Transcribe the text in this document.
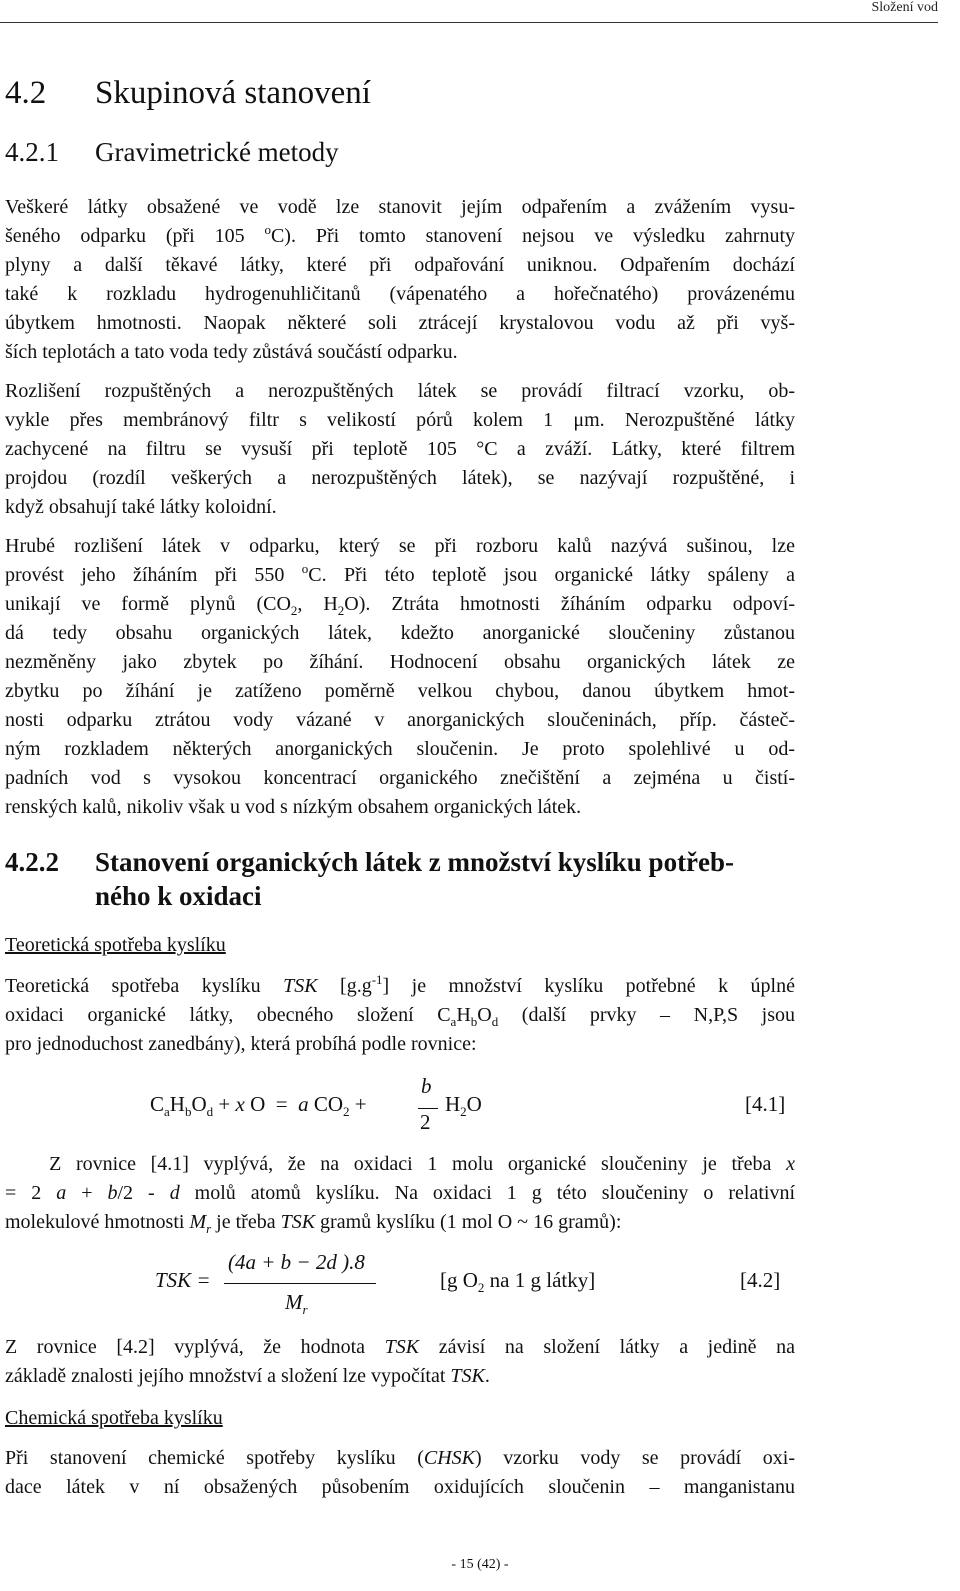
Složení vod
4.2 Skupinová stanovení
4.2.1 Gravimetrické metody
Veškeré látky obsažené ve vodě lze stanovit jejím odpařením a zvážením vysu-
šeného odparku (při 105 $^o$C). Při tomto stanovení nejsou ve výsledku zahrnuty
plyny a další těkavé látky, které při odpařování uniknou. Odpařením dochází
také k rozkladu hydrogenuhličitanů (vápenatého a hořečnatého) provázenému
úbytkem hmotnosti. Naopak některé soli ztrácejí krystalovou vodu až při vyš-
ších teplotách a tato voda tedy zůstává součástí odparku.
Rozlišení rozpuštěných a nerozpuštěných látek se provádí filtrací vzorku, ob-
vykle přes membránový filtr s velikostí pórů kolem 1 μm. Nerozpuštěné látky
zachycené na filtru se vysuší při teplotě 105 °C a zváží. Látky, které filtrem
projdou (rozdíl veškerých a nerozpuštěných látek), se nazývají rozpuštěné, i
když obsahují také látky koloidní.
Hrubé rozlišení látek v odparku, který se při rozboru kalů nazývá sušinou, lze
provést jeho žíháním při 550 $^o$C. Při této teplotě jsou organické látky spáleny a
unikají ve formě plynů ($CO_2$, $H_2O$). Ztráta hmotnosti žíháním odparku odpoví-
dá tedy obsahu organických látek, kdežto anorganické sloučeniny zůstanou
nezměněny jako zbytek po žíhání. Hodnocení obsahu organických látek ze
zbytku po žíhání je zatíženo poměrně velkou chybou, danou úbytkem hmot-
nosti odparku ztrátou vody vázané v anorganických sloučeninách, příp. částeč-
ným rozkladem některých anorganických sloučenin. Je proto spolehlivé u od-
padních vod s vysokou koncentrací organického znečištění a zejména u čistí-
renských kalů, nikoliv však u vod s nízkým obsahem organických látek.
4.2.2 Stanovení organických látek z množství kyslíku potřeb-
ného k oxidaci
Teoretická spotřeba kyslíku
Teoretická spotřeba kyslíku TSK $[g.g^{-1}]$ je množství kyslíku potřebné k úplné
oxidaci organické látky, obecného složení $C_aH_bO_d$ (další prvky – N,P,S jsou
pro jednoduchost zanedbány), která probíhá podle rovnice:
$C_aH_bO_d + x$ O  =  a $CO_2$ +
b
2
$H_2O$	[4.1]
Z rovnice [4.1] vyplývá, že na oxidaci 1 molu organické sloučeniny je třeba x
= 2 a + b/2 - d molů atomů kyslíku. Na oxidaci 1 g této sloučeniny o relativní
molekulové hmotnosti $M_r$ je třeba TSK gramů kyslíku (1 mol O ~ 16 gramů):
TSK =
(4a + b − 2d ).8
$M_r$
[g $O_2$ na 1 g látky]	[4.2]
Z rovnice [4.2] vyplývá, že hodnota TSK závisí na složení látky a jedině na
základě znalosti jejího množství a složení lze vypočítat TSK.
Chemická spotřeba kyslíku
Při stanovení chemické spotřeby kyslíku (CHSK) vzorku vody se provádí oxi-
dace látek v ní obsažených působením oxidujících sloučenin – manganistanu
- 15 (42) -
